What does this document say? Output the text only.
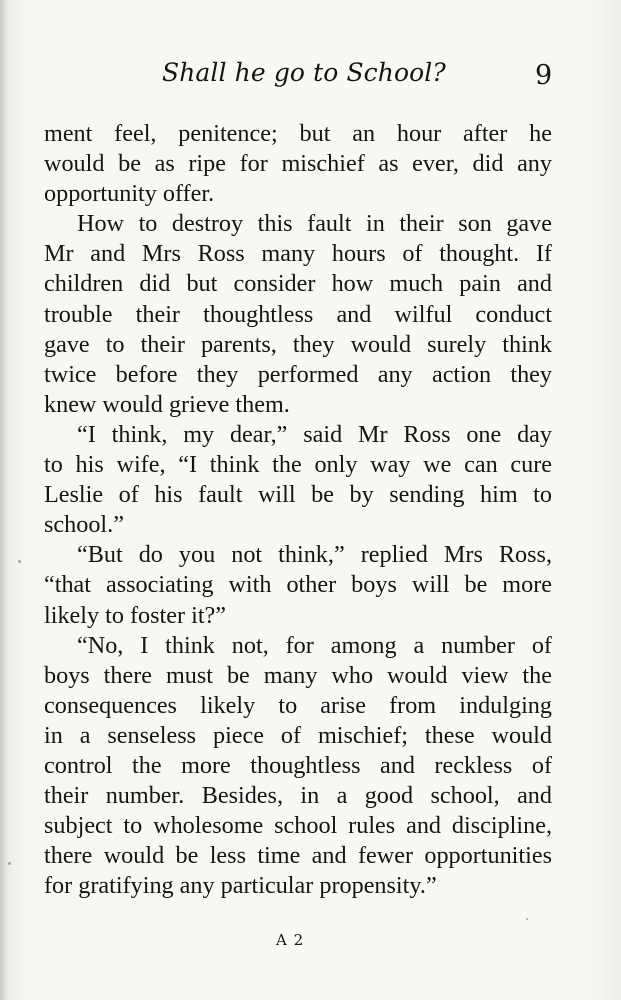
Shall he go to School?	9
ment feel, penitence; but an hour after he
would be as ripe for mischief as ever, did any
opportunity offer.
How to destroy this fault in their son gave
Mr and Mrs Ross many hours of thought. If
children did but consider how much pain and
trouble their thoughtless and wilful conduct
gave to their parents, they would surely think
twice before they performed any action they
knew would grieve them.
“I think, my dear,” said Mr Ross one day
to his wife, “I think the only way we can cure
Leslie of his fault will be by sending him to
school.”
“But do you not think,” replied Mrs Ross,
“that associating with other boys will be more
likely to foster it?”
“No, I think not, for among a number of
boys there must be many who would view the
consequences likely to arise from indulging
in a senseless piece of mischief; these would
control the more thoughtless and reckless of
their number. Besides, in a good school, and
subject to wholesome school rules and discipline,
there would be less time and fewer opportunities
for gratifying any particular propensity.”
A 2
